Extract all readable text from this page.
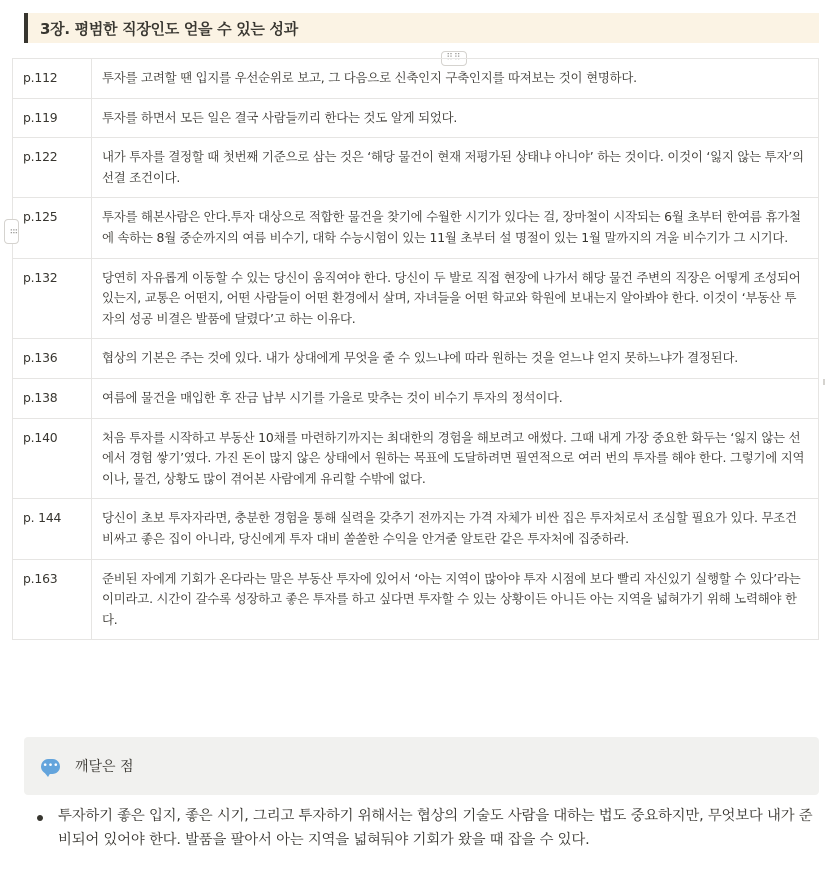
3장. 평범한 직장인도 얻을 수 있는 성과
⠿⠿
p.112	투자를 고려할 땐 입지를 우선순위로 보고, 그 다음으로 신축인지 구축인지를 따져보는 것이 현명하다.
p.119	투자를 하면서 모든 일은 결국 사람들끼리 한다는 것도 알게 되었다.
p.122	내가 투자를 결정할 때 첫번째 기준으로 삼는 것은 ‘해당 물건이 현재 저평가된 상태냐 아니야’ 하는 것이다. 이것이 ‘잃지 않는 투자’의 선결 조건이다.
p.125	투자를 해본사람은 안다.투자 대상으로 적합한 물건을 찾기에 수월한 시기가 있다는 걸, 장마철이 시작되는 6월 초부터 한여름 휴가철에 속하는 8월 중순까지의 여름 비수기, 대학 수능시험이 있는 11월 초부터 설 명절이 있는 1월 말까지의 겨울 비수기가 그 시기다.
p.132	당연히 자유롭게 이동할 수 있는 당신이 움직여야 한다. 당신이 두 발로 직접 현장에 나가서 해당 물건 주변의 직장은 어떻게 조성되어 있는지, 교통은 어떤지, 어떤 사람들이 어떤 환경에서 살며, 자녀들을 어떤 학교와 학원에 보내는지 알아봐야 한다. 이것이 ‘부동산 투자의 성공 비결은 발품에 달렸다’고 하는 이유다.
p.136	협상의 기본은 주는 것에 있다. 내가 상대에게 무엇을 줄 수 있느냐에 따라 원하는 것을 얻느냐 얻지 못하느냐가 결정된다.
p.138	여름에 물건을 매입한 후 잔금 납부 시기를 가을로 맞추는 것이 비수기 투자의 정석이다.
p.140	처음 투자를 시작하고 부동산 10채를 마련하기까지는 최대한의 경험을 해보려고 애썼다. 그때 내게 가장 중요한 화두는 ‘잃지 않는 선에서 경험 쌓기’였다. 가진 돈이 많지 않은 상태에서 원하는 목표에 도달하려면 필연적으로 여러 번의 투자를 해야 한다. 그렇기에 지역이나, 물건, 상황도 많이 겪어본 사람에게 유리할 수밖에 없다.
p. 144	당신이 초보 투자자라면, 충분한 경험을 통해 실력을 갖추기 전까지는 가격 자체가 비싼 집은 투자처로서 조심할 필요가 있다. 무조건 비싸고 좋은 집이 아니라, 당신에게 투자 대비 쏠쏠한 수익을 안겨줄 알토란 같은 투자처에 집중하라.
p.163	준비된 자에게 기회가 온다라는 말은 부동산 투자에 있어서 ‘아는 지역이 많아야 투자 시점에 보다 빨리 자신있기 실행할 수 있다’라는 이미라고. 시간이 갈수록 성장하고 좋은 투자를 하고 싶다면 투자할 수 있는 상황이든 아니든 아는 지역을 넓혀가기 위해 노력해야 한다.
⠿
••• 깨달은 점
투자하기 좋은 입지, 좋은 시기, 그리고 투자하기 위해서는 협상의 기술도 사람을 대하는 법도 중요하지만, 무엇보다 내가 준비되어 있어야 한다. 발품을 팔아서 아는 지역을 넓혀둬야 기회가 왔을 때 잡을 수 있다.
